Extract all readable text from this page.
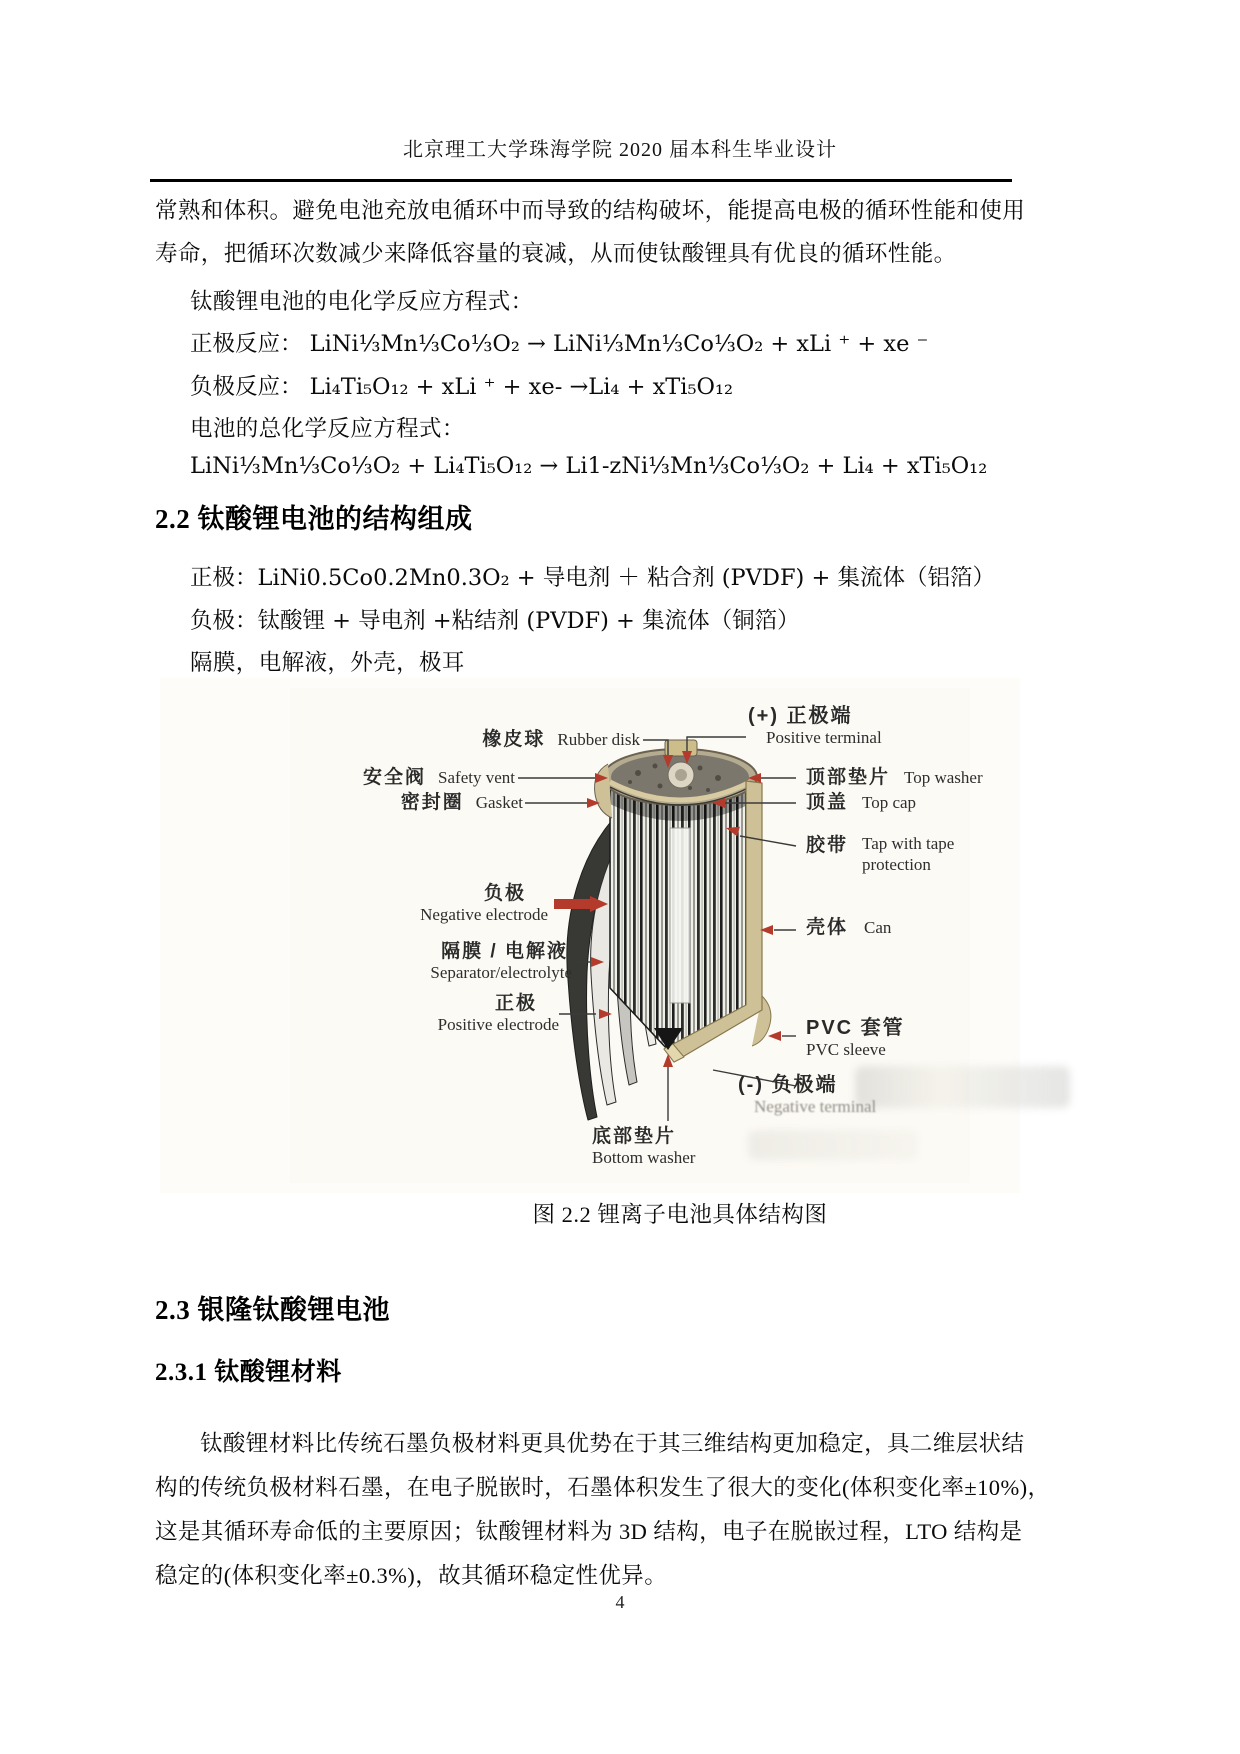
北京理工大学珠海学院 2020 届本科生毕业设计
常熟和体积。避免电池充放电循环中而导致的结构破坏，能提高电极的循环性能和使用
寿命，把循环次数减少来降低容量的衰减，从而使钛酸锂具有优良的循环性能。
钛酸锂电池的电化学反应方程式：
正极反应： LiNi⅓Mn⅓Co⅓O₂ → LiNi⅓Mn⅓Co⅓O₂ + xLi ⁺ + xe ⁻
负极反应： Li₄Ti₅O₁₂ + xLi ⁺ + xe- →Li₄ + xTi₅O₁₂
电池的总化学反应方程式：
LiNi⅓Mn⅓Co⅓O₂ + Li₄Ti₅O₁₂ → Li1-zNi⅓Mn⅓Co⅓O₂ + Li₄ + xTi₅O₁₂
2.2 钛酸锂电池的结构组成
正极：LiNi0.5Co0.2Mn0.3O₂ + 导电剂 ＋ 粘合剂 (PVDF) + 集流体（铝箔）
负极：钛酸锂 + 导电剂 +粘结剂 (PVDF) + 集流体（铜箔）
隔膜，电解液，外壳，极耳
橡皮球 Rubber disk
(+) 正极端
Positive terminal
安全阀 Safety vent
密封圈 Gasket
顶部垫片 Top washer
顶盖 Top cap
胶带 Tap with tape protection
负极
Negative electrode
壳体 Can
隔膜 / 电解液
Separator/electrolyte
正极
Positive electrode	PVC 套管
PVC sleeve
(-) 负极端
Negative terminal
底部垫片
Bottom washer
图 2.2 锂离子电池具体结构图
2.3 银隆钛酸锂电池
2.3.1 钛酸锂材料
钛酸锂材料比传统石墨负极材料更具优势在于其三维结构更加稳定，具二维层状结
构的传统负极材料石墨，在电子脱嵌时，石墨体积发生了很大的变化(体积变化率±10%)，
这是其循环寿命低的主要原因；钛酸锂材料为 3D 结构，电子在脱嵌过程，LTO 结构是
稳定的(体积变化率±0.3%)，故其循环稳定性优异。
4
